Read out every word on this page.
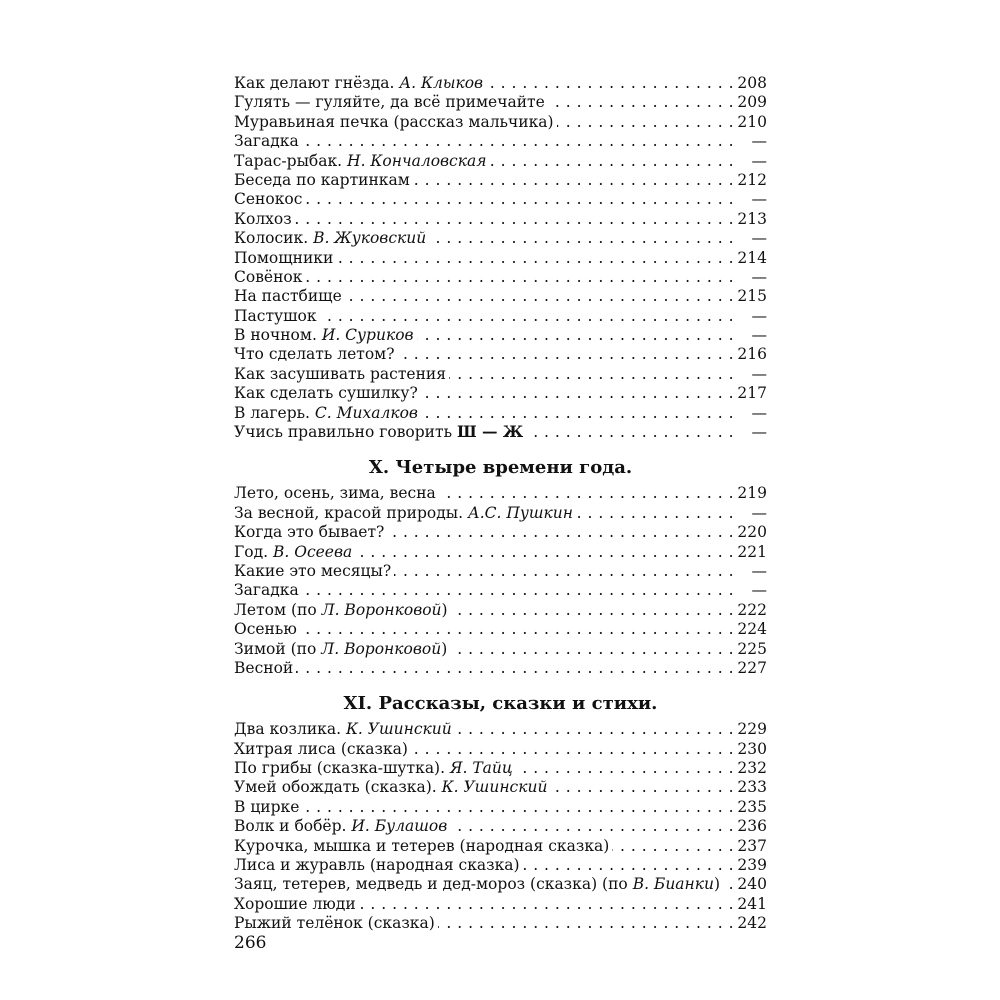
Как делают гнёзда. А. Клыков . . .	208
Гулять — гуляйте, да всё примечайте . . .	209
Муравьиная печка (рассказ мальчика) . . .	210
Загадка . . .	—
Тарас-рыбак. Н. Кончаловская . . .	—
Беседа по картинкам . . .	212
Сенокос . . .	—
Колхоз . . .	213
Колосик. В. Жуковский . . .	—
Помощники . . .	214
Совёнок . . .	—
На пастбище . . .	215
Пастушок . . .	—
В ночном. И. Суриков . . .	—
Что сделать летом? . . .	216
Как засушивать растения . . .	—
Как сделать сушилку? . . .	217
В лагерь. С. Михалков . . .	—
Учись правильно говорить Ш — Ж . . .	—
X. Четыре времени года.
Лето, осень, зима, весна . . .	219
За весной, красой природы. А.С. Пушкин . . .	—
Когда это бывает? . . .	220
Год. В. Осеева . . .	221
Какие это месяцы? . . .	—
Загадка . . .	—
Летом (по Л. Воронковой) . . .	222
Осенью . . .	224
Зимой (по Л. Воронковой) . . .	225
Весной . . .	227
XI. Рассказы, сказки и стихи.
Два козлика. К. Ушинский . . .	229
Хитрая лиса (сказка) . . .	230
По грибы (сказка-шутка). Я. Тайц . . .	232
Умей обождать (сказка). К. Ушинский . . .	233
В цирке . . .	235
Волк и бобёр. И. Булашов . . .	236
Курочка, мышка и тетерев (народная сказка) . . .	237
Лиса и журавль (народная сказка) . . .	239
Заяц, тетерев, медведь и дед-мороз (сказка) (по В. Бианки) . . . 240
Хорошие люди . . .	241
Рыжий телёнок (сказка) . . .	242
266
